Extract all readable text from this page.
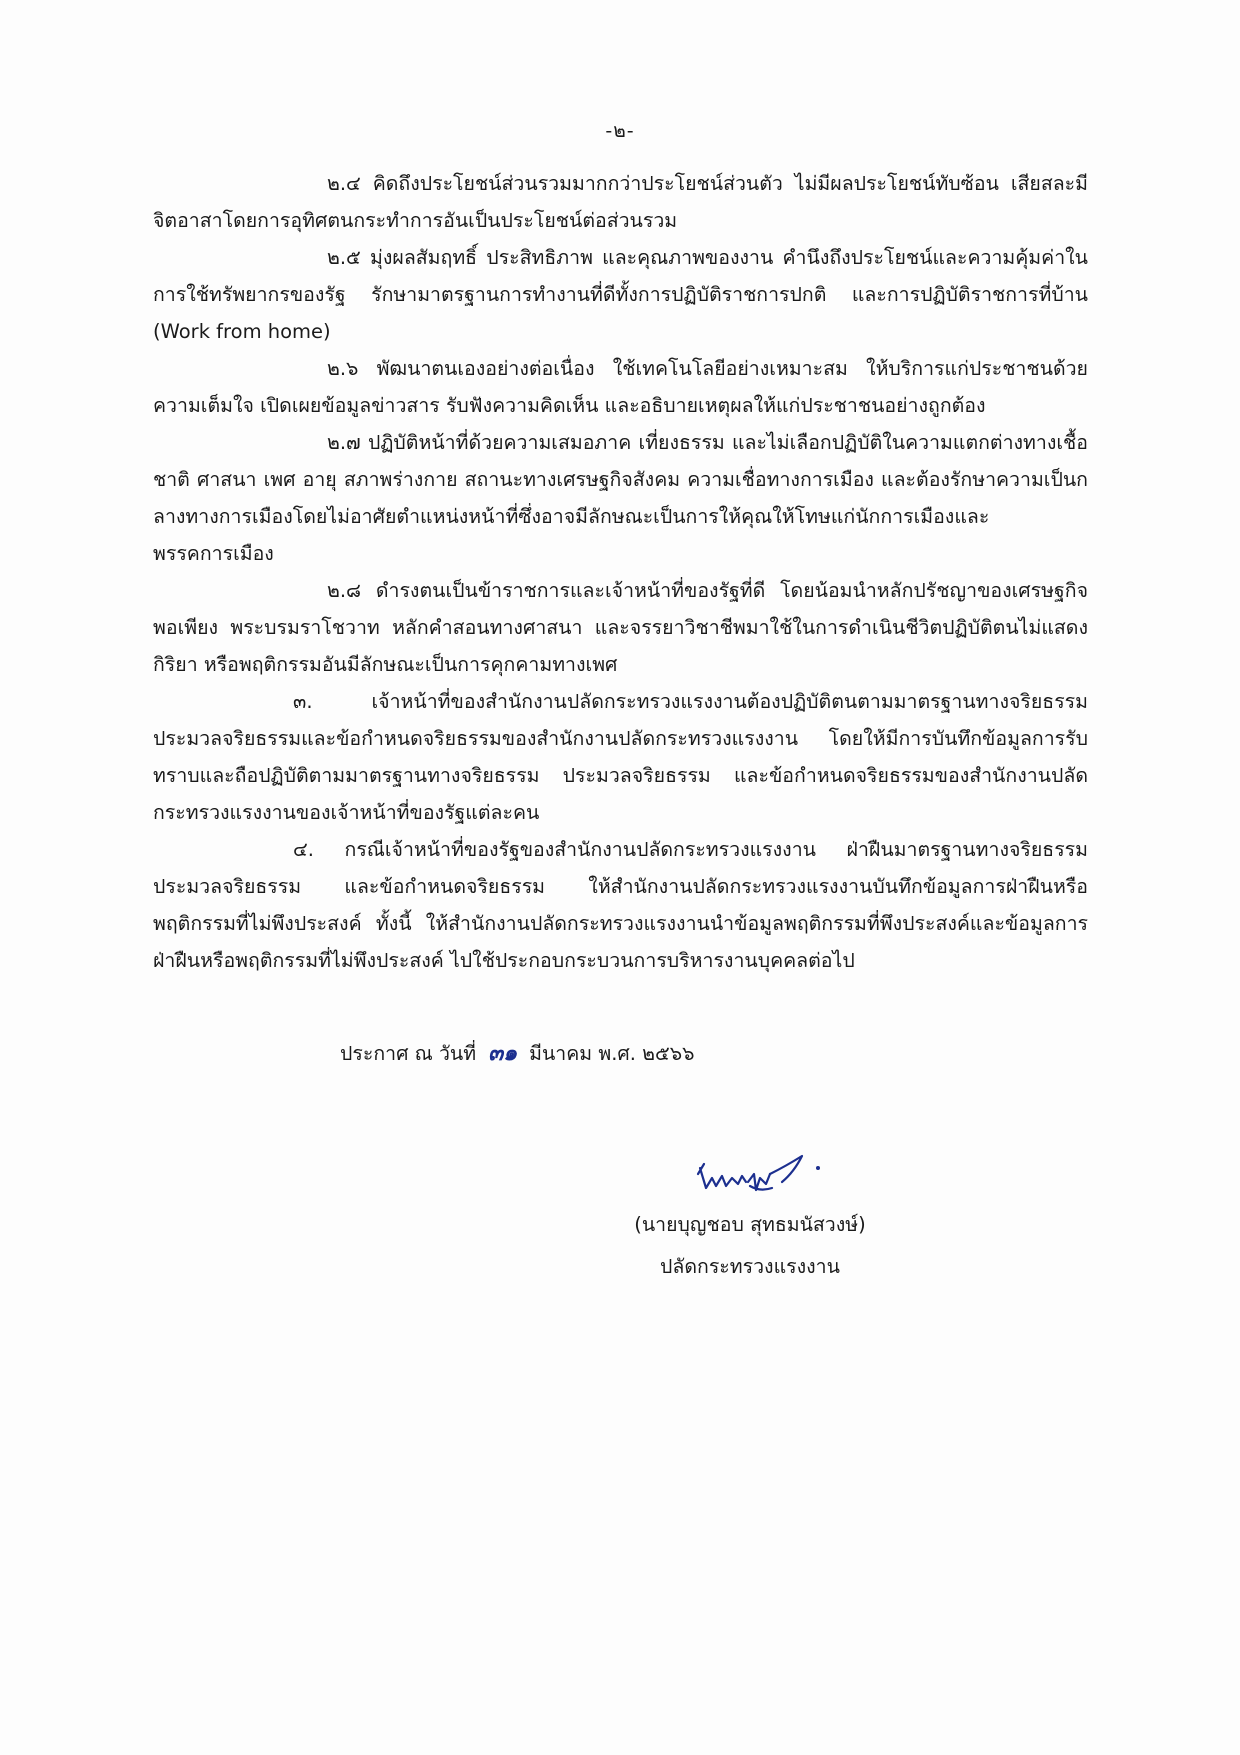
-๒-

๒.๔ คิดถึงประโยชน์ส่วนรวมมากกว่าประโยชน์ส่วนตัว ไม่มีผลประโยชน์ทับซ้อน เสียสละมีจิตอาสาโดยการอุทิศตนกระทำการอันเป็นประโยชน์ต่อส่วนรวม

๒.๕ มุ่งผลสัมฤทธิ์ ประสิทธิภาพ และคุณภาพของงาน คำนึงถึงประโยชน์และความคุ้มค่าในการใช้ทรัพยากรของรัฐ รักษามาตรฐานการทำงานที่ดีทั้งการปฏิบัติราชการปกติ และการปฏิบัติราชการที่บ้าน (Work from home)

๒.๖ พัฒนาตนเองอย่างต่อเนื่อง ใช้เทคโนโลยีอย่างเหมาะสม ให้บริการแก่ประชาชนด้วยความเต็มใจ เปิดเผยข้อมูลข่าวสาร รับฟังความคิดเห็น และอธิบายเหตุผลให้แก่ประชาชนอย่างถูกต้อง

๒.๗ ปฏิบัติหน้าที่ด้วยความเสมอภาค เที่ยงธรรม และไม่เลือกปฏิบัติในความแตกต่างทางเชื้อชาติ ศาสนา เพศ อายุ สภาพร่างกาย สถานะทางเศรษฐกิจสังคม ความเชื่อทางการเมือง และต้องรักษาความเป็นกลางทางการเมืองโดยไม่อาศัยตำแหน่งหน้าที่ซึ่งอาจมีลักษณะเป็นการให้คุณให้โทษแก่นักการเมืองและพรรคการเมือง

๒.๘ ดำรงตนเป็นข้าราชการและเจ้าหน้าที่ของรัฐที่ดี โดยน้อมนำหลักปรัชญาของเศรษฐกิจพอเพียง พระบรมราโชวาท หลักคำสอนทางศาสนา และจรรยาวิชาชีพมาใช้ในการดำเนินชีวิตปฏิบัติตนไม่แสดงกิริยา หรือพฤติกรรมอันมีลักษณะเป็นการคุกคามทางเพศ

๓. เจ้าหน้าที่ของสำนักงานปลัดกระทรวงแรงงานต้องปฏิบัติตนตามมาตรฐานทางจริยธรรมประมวลจริยธรรมและข้อกำหนดจริยธรรมของสำนักงานปลัดกระทรวงแรงงาน โดยให้มีการบันทึกข้อมูลการรับทราบและถือปฏิบัติตามมาตรฐานทางจริยธรรม ประมวลจริยธรรม และข้อกำหนดจริยธรรมของสำนักงานปลัดกระทรวงแรงงานของเจ้าหน้าที่ของรัฐแต่ละคน

๔. กรณีเจ้าหน้าที่ของรัฐของสำนักงานปลัดกระทรวงแรงงาน ฝ่าฝืนมาตรฐานทางจริยธรรมประมวลจริยธรรม และข้อกำหนดจริยธรรม ให้สำนักงานปลัดกระทรวงแรงงานบันทึกข้อมูลการฝ่าฝืนหรือพฤติกรรมที่ไม่พึงประสงค์ ทั้งนี้ ให้สำนักงานปลัดกระทรวงแรงงานนำข้อมูลพฤติกรรมที่พึงประสงค์และข้อมูลการฝ่าฝืนหรือพฤติกรรมที่ไม่พึงประสงค์ ไปใช้ประกอบกระบวนการบริหารงานบุคคลต่อไป

ประกาศ ณ วันที่ ๓๑ มีนาคม พ.ศ. ๒๕๖๖
(นายบุญชอบ สุทธมนัสวงษ์)
ปลัดกระทรวงแรงงาน
